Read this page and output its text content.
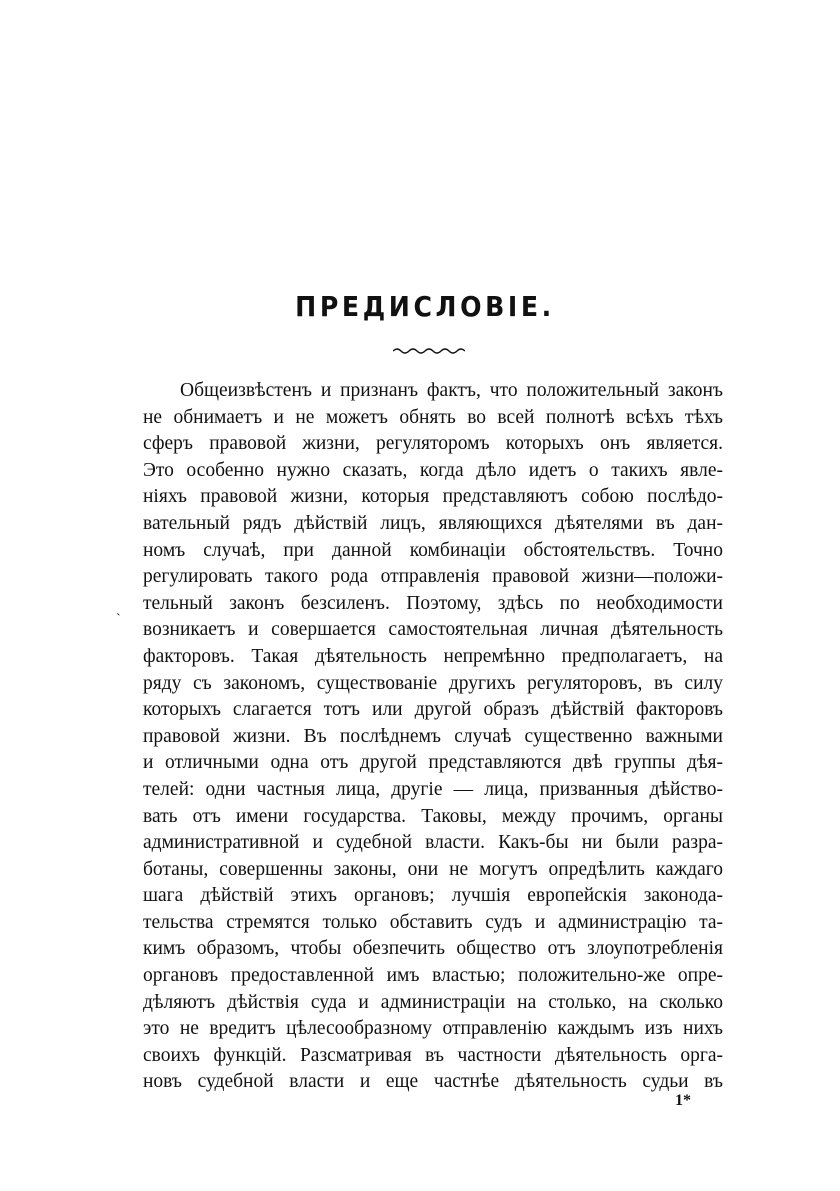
ПРЕДИСЛОВІЕ.
ˋ
Общеизвѣстенъ и признанъ фактъ, что положительный законъ
не обнимаетъ и не можетъ обнять во всей полнотѣ всѣхъ тѣхъ
сферъ правовой жизни, регуляторомъ которыхъ онъ является.
Это особенно нужно сказать, когда дѣло идетъ о такихъ явле-
ніяхъ правовой жизни, которыя представляютъ собою послѣдо-
вательный рядъ дѣйствій лицъ, являющихся дѣятелями въ дан-
номъ случаѣ, при данной комбинаціи обстоятельствъ. Точно
регулировать такого рода отправленія правовой жизни—положи-
тельный законъ безсиленъ. Поэтому, здѣсь по необходимости
возникаетъ и совершается самостоятельная личная дѣятельность
факторовъ. Такая дѣятельность непремѣнно предполагаетъ, на
ряду съ закономъ, существованіе другихъ регуляторовъ, въ силу
которыхъ слагается тотъ или другой образъ дѣйствій факторовъ
правовой жизни. Въ послѣднемъ случаѣ существенно важными
и отличными одна отъ другой представляются двѣ группы дѣя-
телей: одни частныя лица, другіе — лица, призванныя дѣйство-
вать отъ имени государства. Таковы, между прочимъ, органы
административной и судебной власти. Какъ-бы ни были разра-
ботаны, совершенны законы, они не могутъ опредѣлить каждаго
шага дѣйствій этихъ органовъ; лучшія европейскія законода-
тельства стремятся только обставить судъ и администрацію та-
кимъ образомъ, чтобы обезпечить общество отъ злоупотребленія
органовъ предоставленной имъ властью; положительно-же опре-
дѣляютъ дѣйствія суда и администраціи на столько, на сколько
это не вредитъ цѣлесообразному отправленію каждымъ изъ нихъ
своихъ функцій. Разсматривая въ частности дѣятельность орга-
новъ судебной власти и еще частнѣе дѣятельность судьи въ
1*
